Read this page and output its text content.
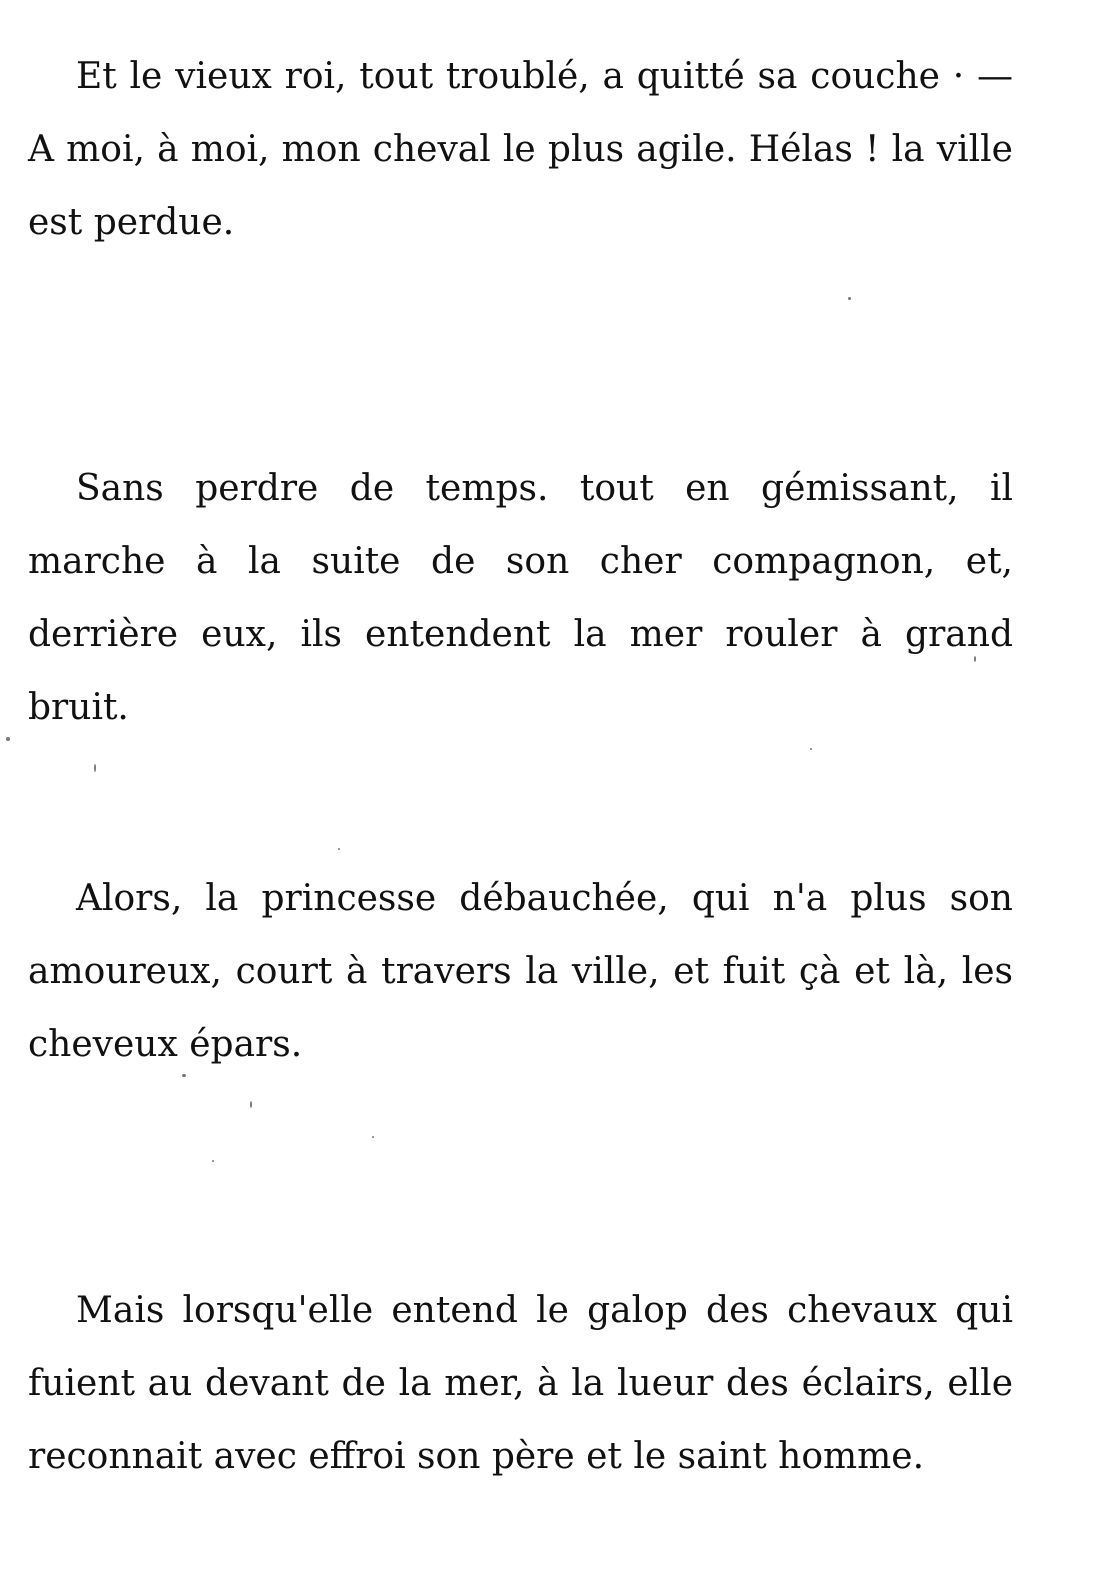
Et le vieux roi, tout troublé, a quitté sa couche · — A moi, à moi, mon cheval le plus agile. Hélas ! la ville est perdue.

Sans perdre de temps. tout en gémissant, il marche à la suite de son cher compagnon, et, derrière eux, ils entendent la mer rouler à grand bruit.

Alors, la princesse débauchée, qui n'a plus son amoureux, court à travers la ville, et fuit çà et là, les cheveux épars.

Mais lorsqu'elle entend le galop des chevaux qui fuient au devant de la mer, à la lueur des éclairs, elle reconnait avec effroi son père et le saint homme.
